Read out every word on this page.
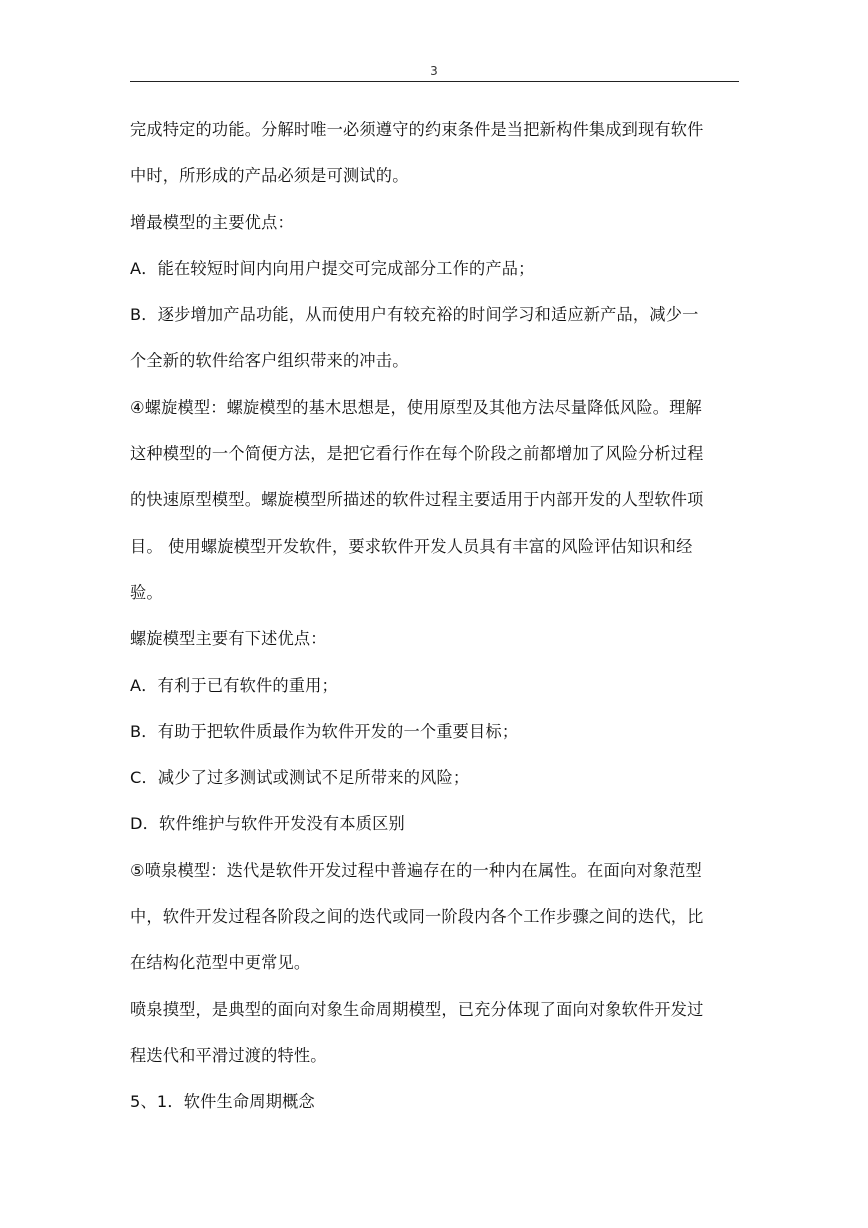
3
完成特定的功能。分解时唯一必须遵守的约束条件是当把新构件集成到现有软件
中时，所形成的产品必须是可测试的。
增最模型的主要优点：
A．能在较短时间内向用户提交可完成部分工作的产品；
B．逐步增加产品功能，从而使用户有较充裕的时间学习和适应新产品，减少一
个全新的软件给客户组织带来的冲击。
④螺旋模型：螺旋模型的基木思想是，使用原型及其他方法尽量降低风险。理解
这种模型的一个简便方法，是把它看行作在每个阶段之前都增加了风险分析过程
的快速原型模型。螺旋模型所描述的软件过程主要适用于内部开发的人型软件项
目。 使用螺旋模型开发软件，要求软件开发人员具有丰富的风险评估知识和经
验。
螺旋模型主要有下述优点：
A．有利于已有软件的重用；
B．有助于把软件质最作为软件开发的一个重要目标；
C．减少了过多测试或测试不足所带来的风险；
D．软件维护与软件开发没有本质区别
⑤喷泉模型：迭代是软件开发过程中普遍存在的一种内在属性。在面向对象范型
中，软件开发过程各阶段之间的迭代或同一阶段内各个工作步骤之间的迭代，比
在结构化范型中更常见。
喷泉摸型，是典型的面向对象生命周期模型，已充分体现了面向对象软件开发过
程迭代和平滑过渡的特性。
5、1．软件生命周期概念
